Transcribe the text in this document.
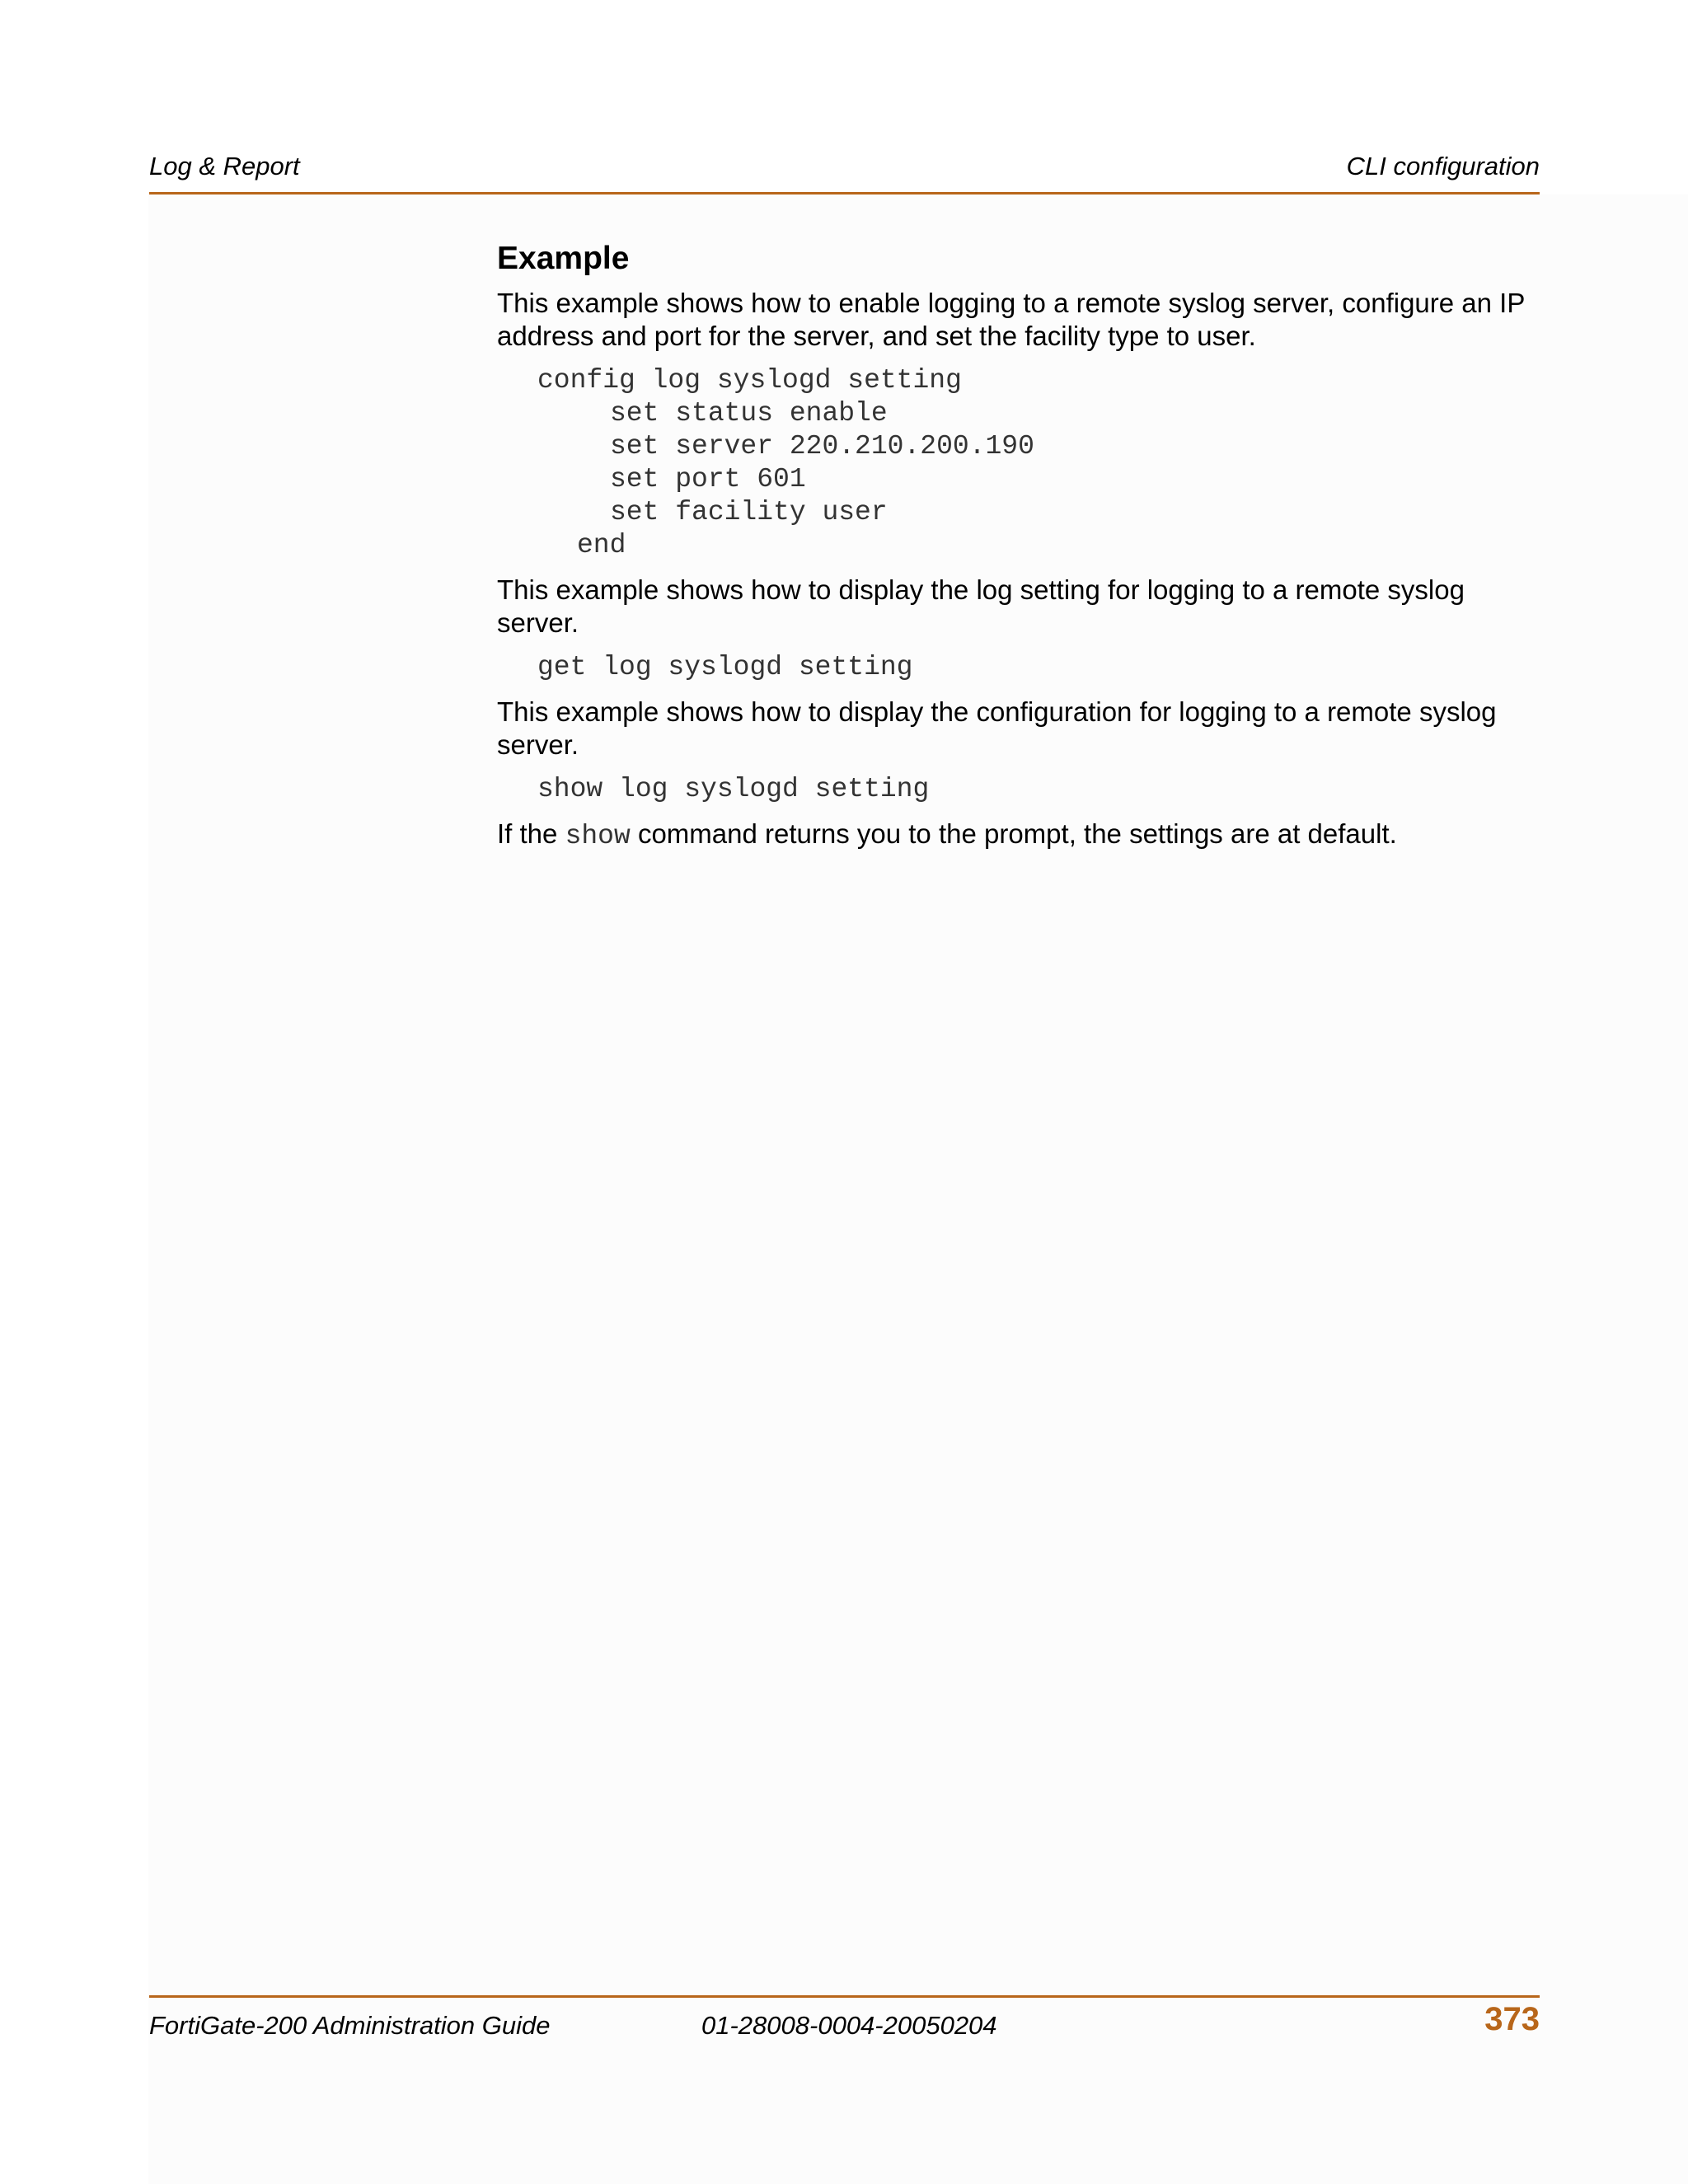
Log & Report	CLI configuration
Example

This example shows how to enable logging to a remote syslog server, configure an IP address and port for the server, and set the facility type to user.

config log syslogd setting
set status enable
set server 220.210.200.190
set port 601
set facility user
end

This example shows how to display the log setting for logging to a remote syslog server.

get log syslogd setting

This example shows how to display the configuration for logging to a remote syslog server.

show log syslogd setting

If the show command returns you to the prompt, the settings are at default.

FortiGate-200 Administration Guide	01-28008-0004-20050204	373
